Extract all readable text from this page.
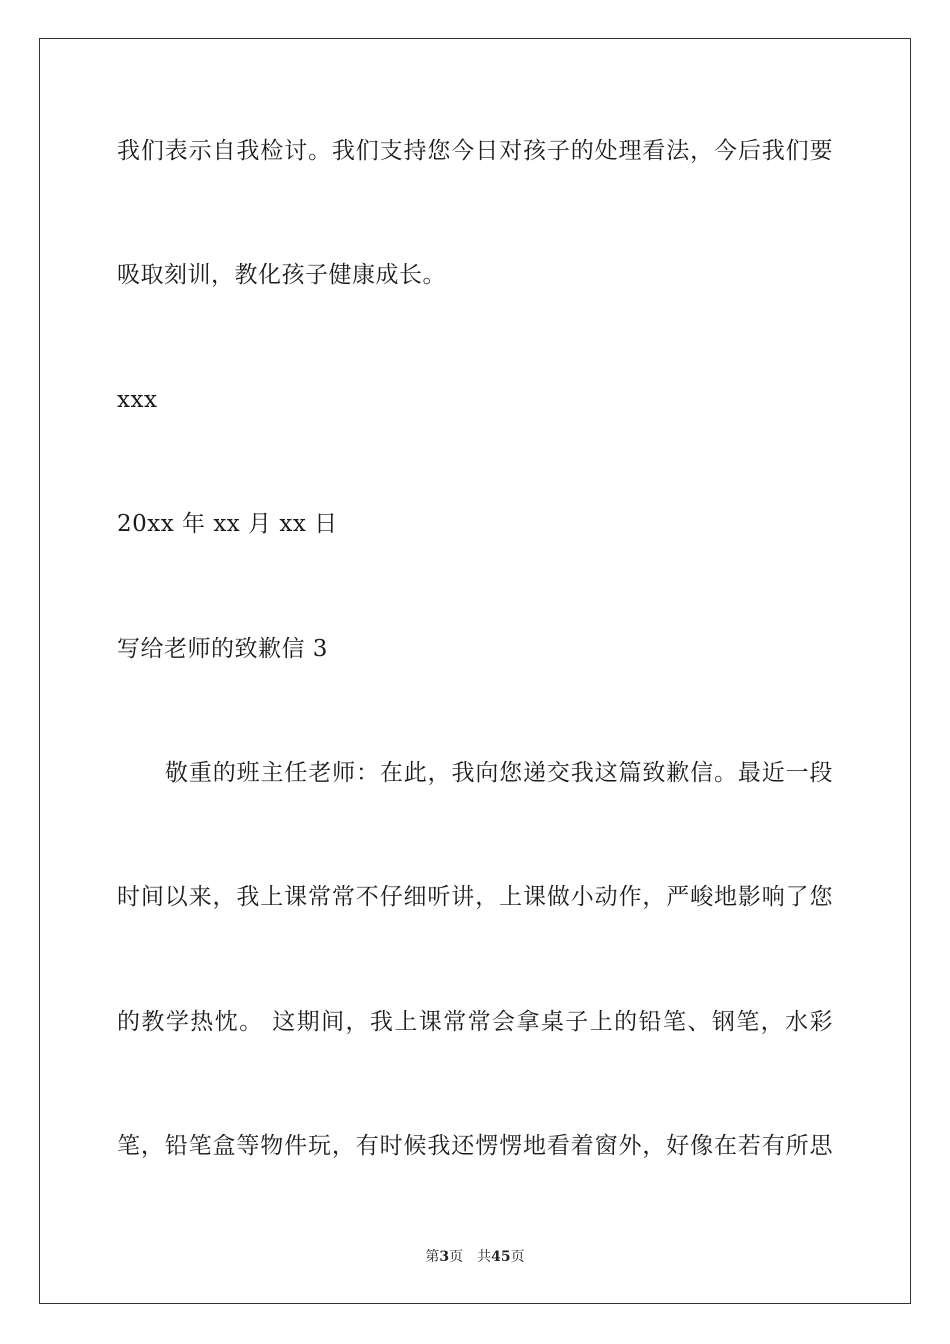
我们表示自我检讨。我们支持您今日对孩子的处理看法，今后我们要
吸取刻训，教化孩子健康成长。
xxx
20xx 年 xx 月 xx 日
写给老师的致歉信 3
敬重的班主任老师：在此，我向您递交我这篇致歉信。最近一段
时间以来，我上课常常不仔细听讲，上课做小动作，严峻地影响了您
的教学热忱。 这期间，我上课常常会拿桌子上的铅笔、钢笔，水彩
笔，铅笔盒等物件玩，有时候我还愣愣地看着窗外，好像在若有所思
第3页 共45页
